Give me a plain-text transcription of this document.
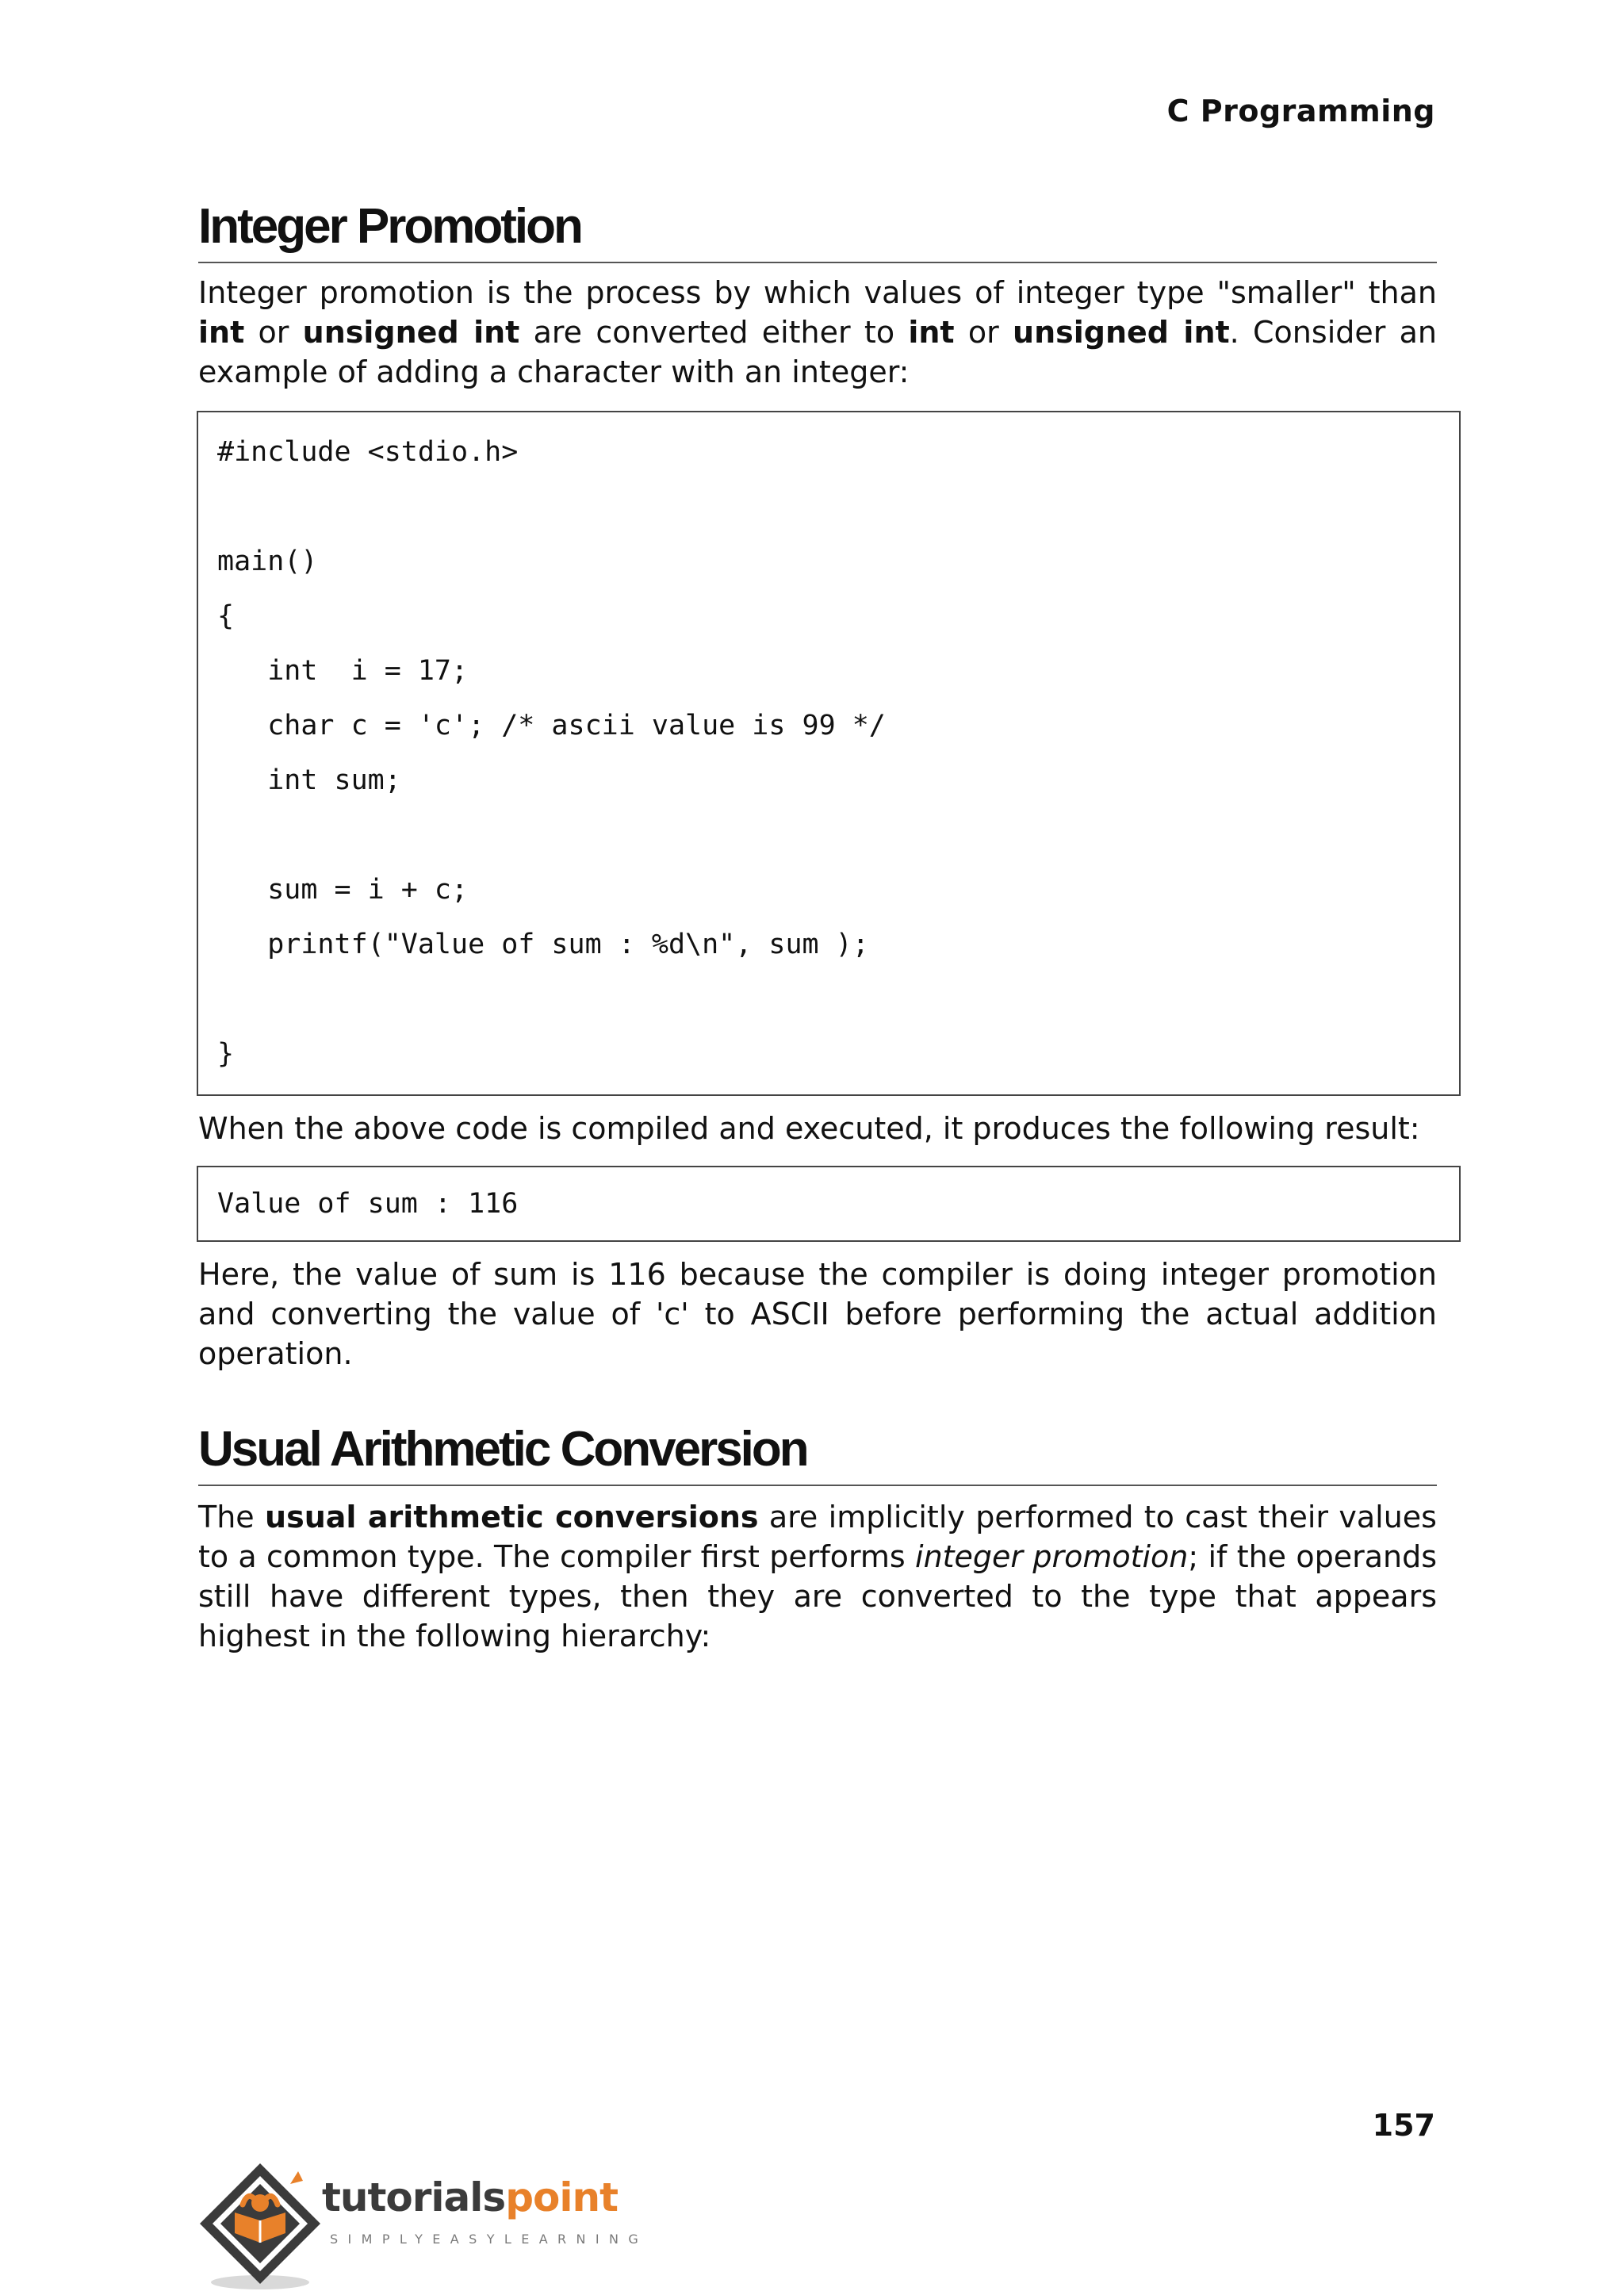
C Programming
Integer Promotion

Integer promotion is the process by which values of integer type "smaller" than int or unsigned int are converted either to int or unsigned int. Consider an example of adding a character with an integer:

#include <stdio.h>
main()
{
int  i = 17;
char c = 'c'; /* ascii value is 99 */
int sum;
sum = i + c;
printf("Value of sum : %d\n", sum );
}

When the above code is compiled and executed, it produces the following result:

Value of sum : 116

Here, the value of sum is 116 because the compiler is doing integer promotion and converting the value of 'c' to ASCII before performing the actual addition operation.

Usual Arithmetic Conversion

The usual arithmetic conversions are implicitly performed to cast their values to a common type. The compiler first performs integer promotion; if the operands still have different types, then they are converted to the type that appears highest in the following hierarchy:

157
tutorialspoint
SIMPLYEASYLEARNING
